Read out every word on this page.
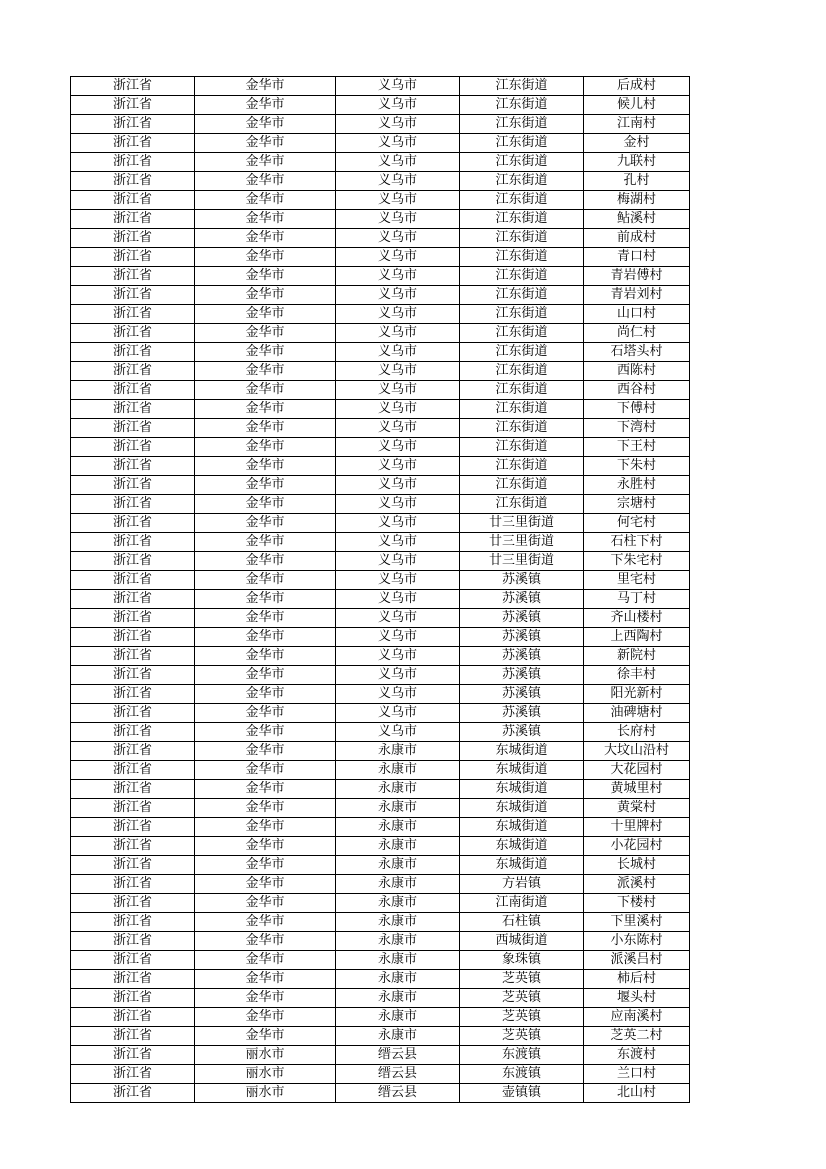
浙江省	金华市	义乌市	江东街道	后成村
浙江省	金华市	义乌市	江东街道	候儿村
浙江省	金华市	义乌市	江东街道	江南村
浙江省	金华市	义乌市	江东街道	金村
浙江省	金华市	义乌市	江东街道	九联村
浙江省	金华市	义乌市	江东街道	孔村
浙江省	金华市	义乌市	江东街道	梅湖村
浙江省	金华市	义乌市	江东街道	鲇溪村
浙江省	金华市	义乌市	江东街道	前成村
浙江省	金华市	义乌市	江东街道	青口村
浙江省	金华市	义乌市	江东街道	青岩傅村
浙江省	金华市	义乌市	江东街道	青岩刘村
浙江省	金华市	义乌市	江东街道	山口村
浙江省	金华市	义乌市	江东街道	尚仁村
浙江省	金华市	义乌市	江东街道	石塔头村
浙江省	金华市	义乌市	江东街道	西陈村
浙江省	金华市	义乌市	江东街道	西谷村
浙江省	金华市	义乌市	江东街道	下傅村
浙江省	金华市	义乌市	江东街道	下湾村
浙江省	金华市	义乌市	江东街道	下王村
浙江省	金华市	义乌市	江东街道	下朱村
浙江省	金华市	义乌市	江东街道	永胜村
浙江省	金华市	义乌市	江东街道	宗塘村
浙江省	金华市	义乌市	廿三里街道	何宅村
浙江省	金华市	义乌市	廿三里街道	石柱下村
浙江省	金华市	义乌市	廿三里街道	下朱宅村
浙江省	金华市	义乌市	苏溪镇	里宅村
浙江省	金华市	义乌市	苏溪镇	马丁村
浙江省	金华市	义乌市	苏溪镇	齐山楼村
浙江省	金华市	义乌市	苏溪镇	上西陶村
浙江省	金华市	义乌市	苏溪镇	新院村
浙江省	金华市	义乌市	苏溪镇	徐丰村
浙江省	金华市	义乌市	苏溪镇	阳光新村
浙江省	金华市	义乌市	苏溪镇	油碑塘村
浙江省	金华市	义乌市	苏溪镇	长府村
浙江省	金华市	永康市	东城街道	大坟山沿村
浙江省	金华市	永康市	东城街道	大花园村
浙江省	金华市	永康市	东城街道	黄城里村
浙江省	金华市	永康市	东城街道	黄棠村
浙江省	金华市	永康市	东城街道	十里牌村
浙江省	金华市	永康市	东城街道	小花园村
浙江省	金华市	永康市	东城街道	长城村
浙江省	金华市	永康市	方岩镇	派溪村
浙江省	金华市	永康市	江南街道	下楼村
浙江省	金华市	永康市	石柱镇	下里溪村
浙江省	金华市	永康市	西城街道	小东陈村
浙江省	金华市	永康市	象珠镇	派溪吕村
浙江省	金华市	永康市	芝英镇	柿后村
浙江省	金华市	永康市	芝英镇	堰头村
浙江省	金华市	永康市	芝英镇	应南溪村
浙江省	金华市	永康市	芝英镇	芝英二村
浙江省	丽水市	缙云县	东渡镇	东渡村
浙江省	丽水市	缙云县	东渡镇	兰口村
浙江省	丽水市	缙云县	壶镇镇	北山村
